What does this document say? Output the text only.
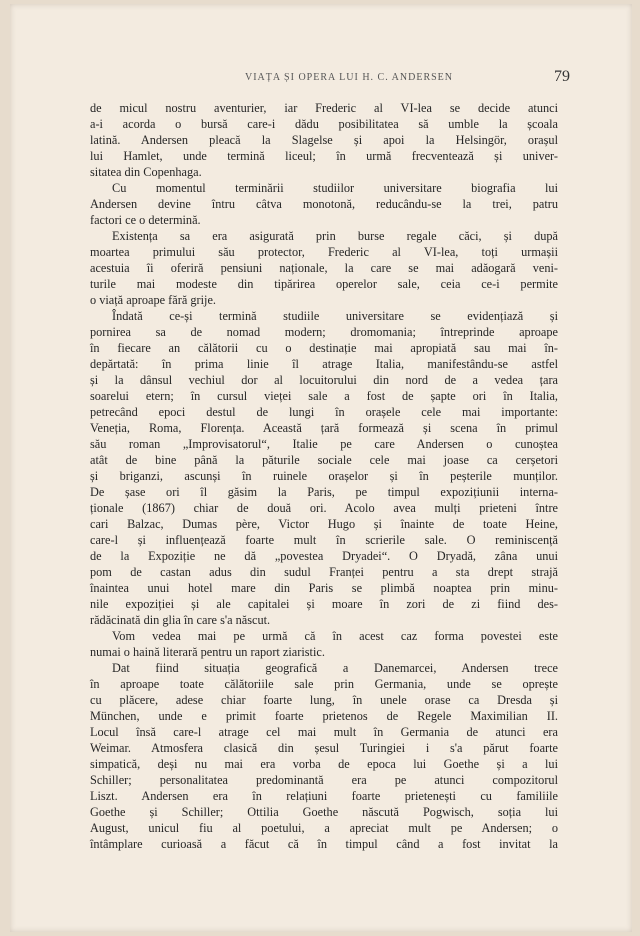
VIAȚA ȘI OPERA LUI H. C. ANDERSEN	79

de micul nostru aventurier, iar Frederic al VI-lea se decide atunci
a-i acorda o bursă care-i dădu posibilitatea să umble la școala
latină. Andersen pleacă la Slagelse și apoi la Helsingör, orașul
lui Hamlet, unde termină liceul; în urmă frecventează și univer-
sitatea din Copenhaga.

Cu momentul terminării studiilor universitare biografia lui
Andersen devine întru câtva monotonă, reducându-se la trei, patru
factori ce o determină.

Existența sa era asigurată prin burse regale căci, și după
moartea primului său protector, Frederic al VI-lea, toți urmașii
acestuia îi oferiră pensiuni naționale, la care se mai adăogară veni-
turile mai modeste din tipărirea operelor sale, ceia ce-i permite
o viață aproape fără grije.

Îndată ce-și termină studiile universitare se evidențiază și
pornirea sa de nomad modern; dromomania; întreprinde aproape
în fiecare an călătorii cu o destinație mai apropiată sau mai în-
depărtată: în prima linie îl atrage Italia, manifestându-se astfel
și la dânsul vechiul dor al locuitorului din nord de a vedea țara
soarelui etern; în cursul vieței sale a fost de șapte ori în Italia,
petrecând epoci destul de lungi în orașele cele mai importante:
Veneția, Roma, Florența. Această țară formează și scena în primul
său roman „Improvisatorul“, Italie pe care Andersen o cunoștea
atât de bine până la păturile sociale cele mai joase ca cerșetori
și briganzi, ascunși în ruinele orașelor și în peșterile munților.
De șase ori îl găsim la Paris, pe timpul expozițiunii interna-
ționale (1867) chiar de două ori. Acolo avea mulți prieteni între
cari Balzac, Dumas père, Victor Hugo și înainte de toate Heine,
care-l și influențează foarte mult în scrierile sale. O reminiscență
de la Expoziție ne dă „povestea Dryadei“. O Dryadă, zâna unui
pom de castan adus din sudul Franței pentru a sta drept strajă
înaintea unui hotel mare din Paris se plimbă noaptea prin minu-
nile expoziției și ale capitalei și moare în zori de zi fiind des-
rădăcinată din glia în care s'a născut.

Vom vedea mai pe urmă că în acest caz forma povestei este
numai o haină literară pentru un raport ziaristic.

Dat fiind situația geografică a Danemarcei, Andersen trece
în aproape toate călătoriile sale prin Germania, unde se oprește
cu plăcere, adese chiar foarte lung, în unele orase ca Dresda și
München, unde e primit foarte prietenos de Regele Maximilian II.
Locul însă care-l atrage cel mai mult în Germania de atunci era
Weimar. Atmosfera clasică din șesul Turingiei i s'a părut foarte
simpatică, deși nu mai era vorba de epoca lui Goethe și a lui
Schiller; personalitatea predominantă era pe atunci compozitorul
Liszt. Andersen era în relațiuni foarte prietenești cu familiile
Goethe și Schiller; Ottilia Goethe născută Pogwisch, soția lui
August, unicul fiu al poetului, a apreciat mult pe Andersen; o
întâmplare curioasă a făcut că în timpul când a fost invitat la
